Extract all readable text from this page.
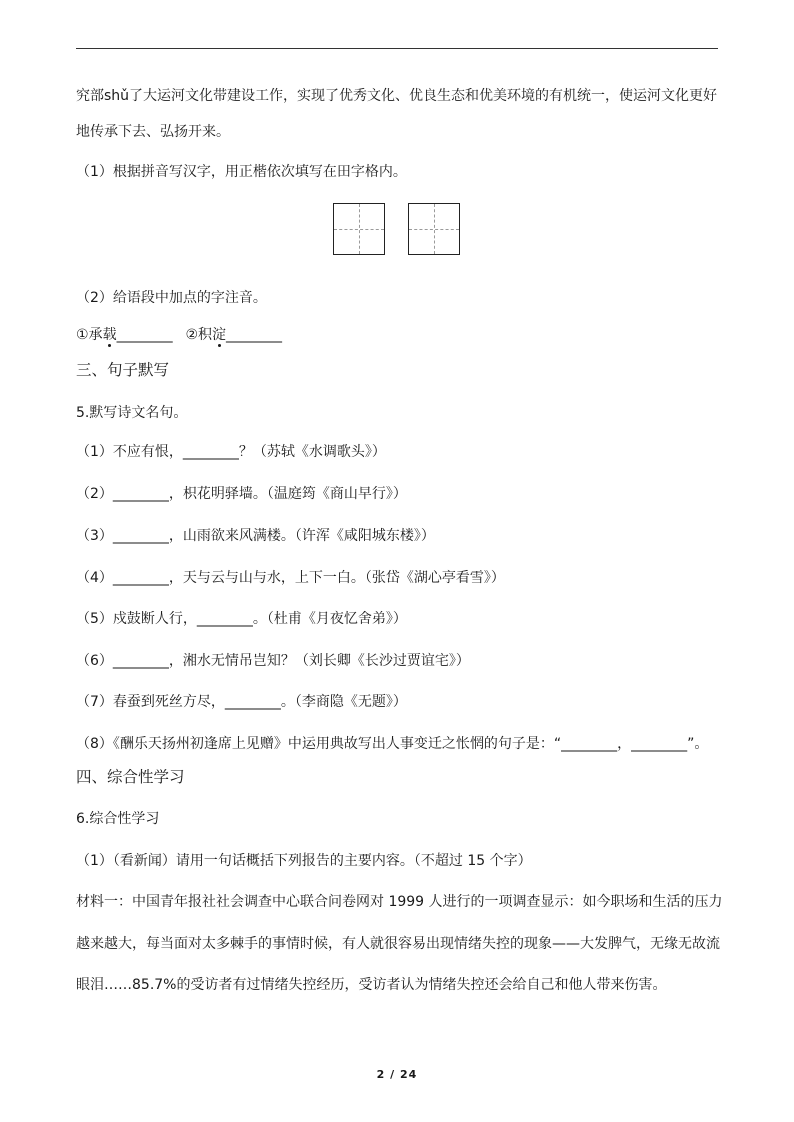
究部shǔ了大运河文化带建设工作，实现了优秀文化、优良生态和优美环境的有机统一，使运河文化更好
地传承下去、弘扬开来。
（1）根据拼音写汉字，用正楷依次填写在田字格内。
（2）给语段中加点的字注音。
①承载________ ②积淀________
三、句子默写
5.默写诗文名句。
（1）不应有恨，________？（苏轼《水调歌头》）
（2）________，枳花明驿墙。（温庭筠《商山早行》）
（3）________，山雨欲来风满楼。（许浑《咸阳城东楼》）
（4）________，天与云与山与水，上下一白。（张岱《湖心亭看雪》）
（5）戍鼓断人行，________。（杜甫《月夜忆舍弟》）
（6）________，湘水无情吊岂知？（刘长卿《长沙过贾谊宅》）
（7）春蚕到死丝方尽，________。（李商隐《无题》）
（8）《酬乐天扬州初逢席上见赠》中运用典故写出人事变迁之怅惘的句子是：“________，________”。
四、综合性学习
6.综合性学习
（1）（看新闻）请用一句话概括下列报告的主要内容。（不超过 15 个字）
材料一：中国青年报社社会调查中心联合问卷网对 1999 人进行的一项调查显示：如今职场和生活的压力
越来越大，每当面对太多棘手的事情时候，有人就很容易出现情绪失控的现象——大发脾气，无缘无故流
眼泪……85.7%的受访者有过情绪失控经历，受访者认为情绪失控还会给自己和他人带来伤害。
2 / 24
